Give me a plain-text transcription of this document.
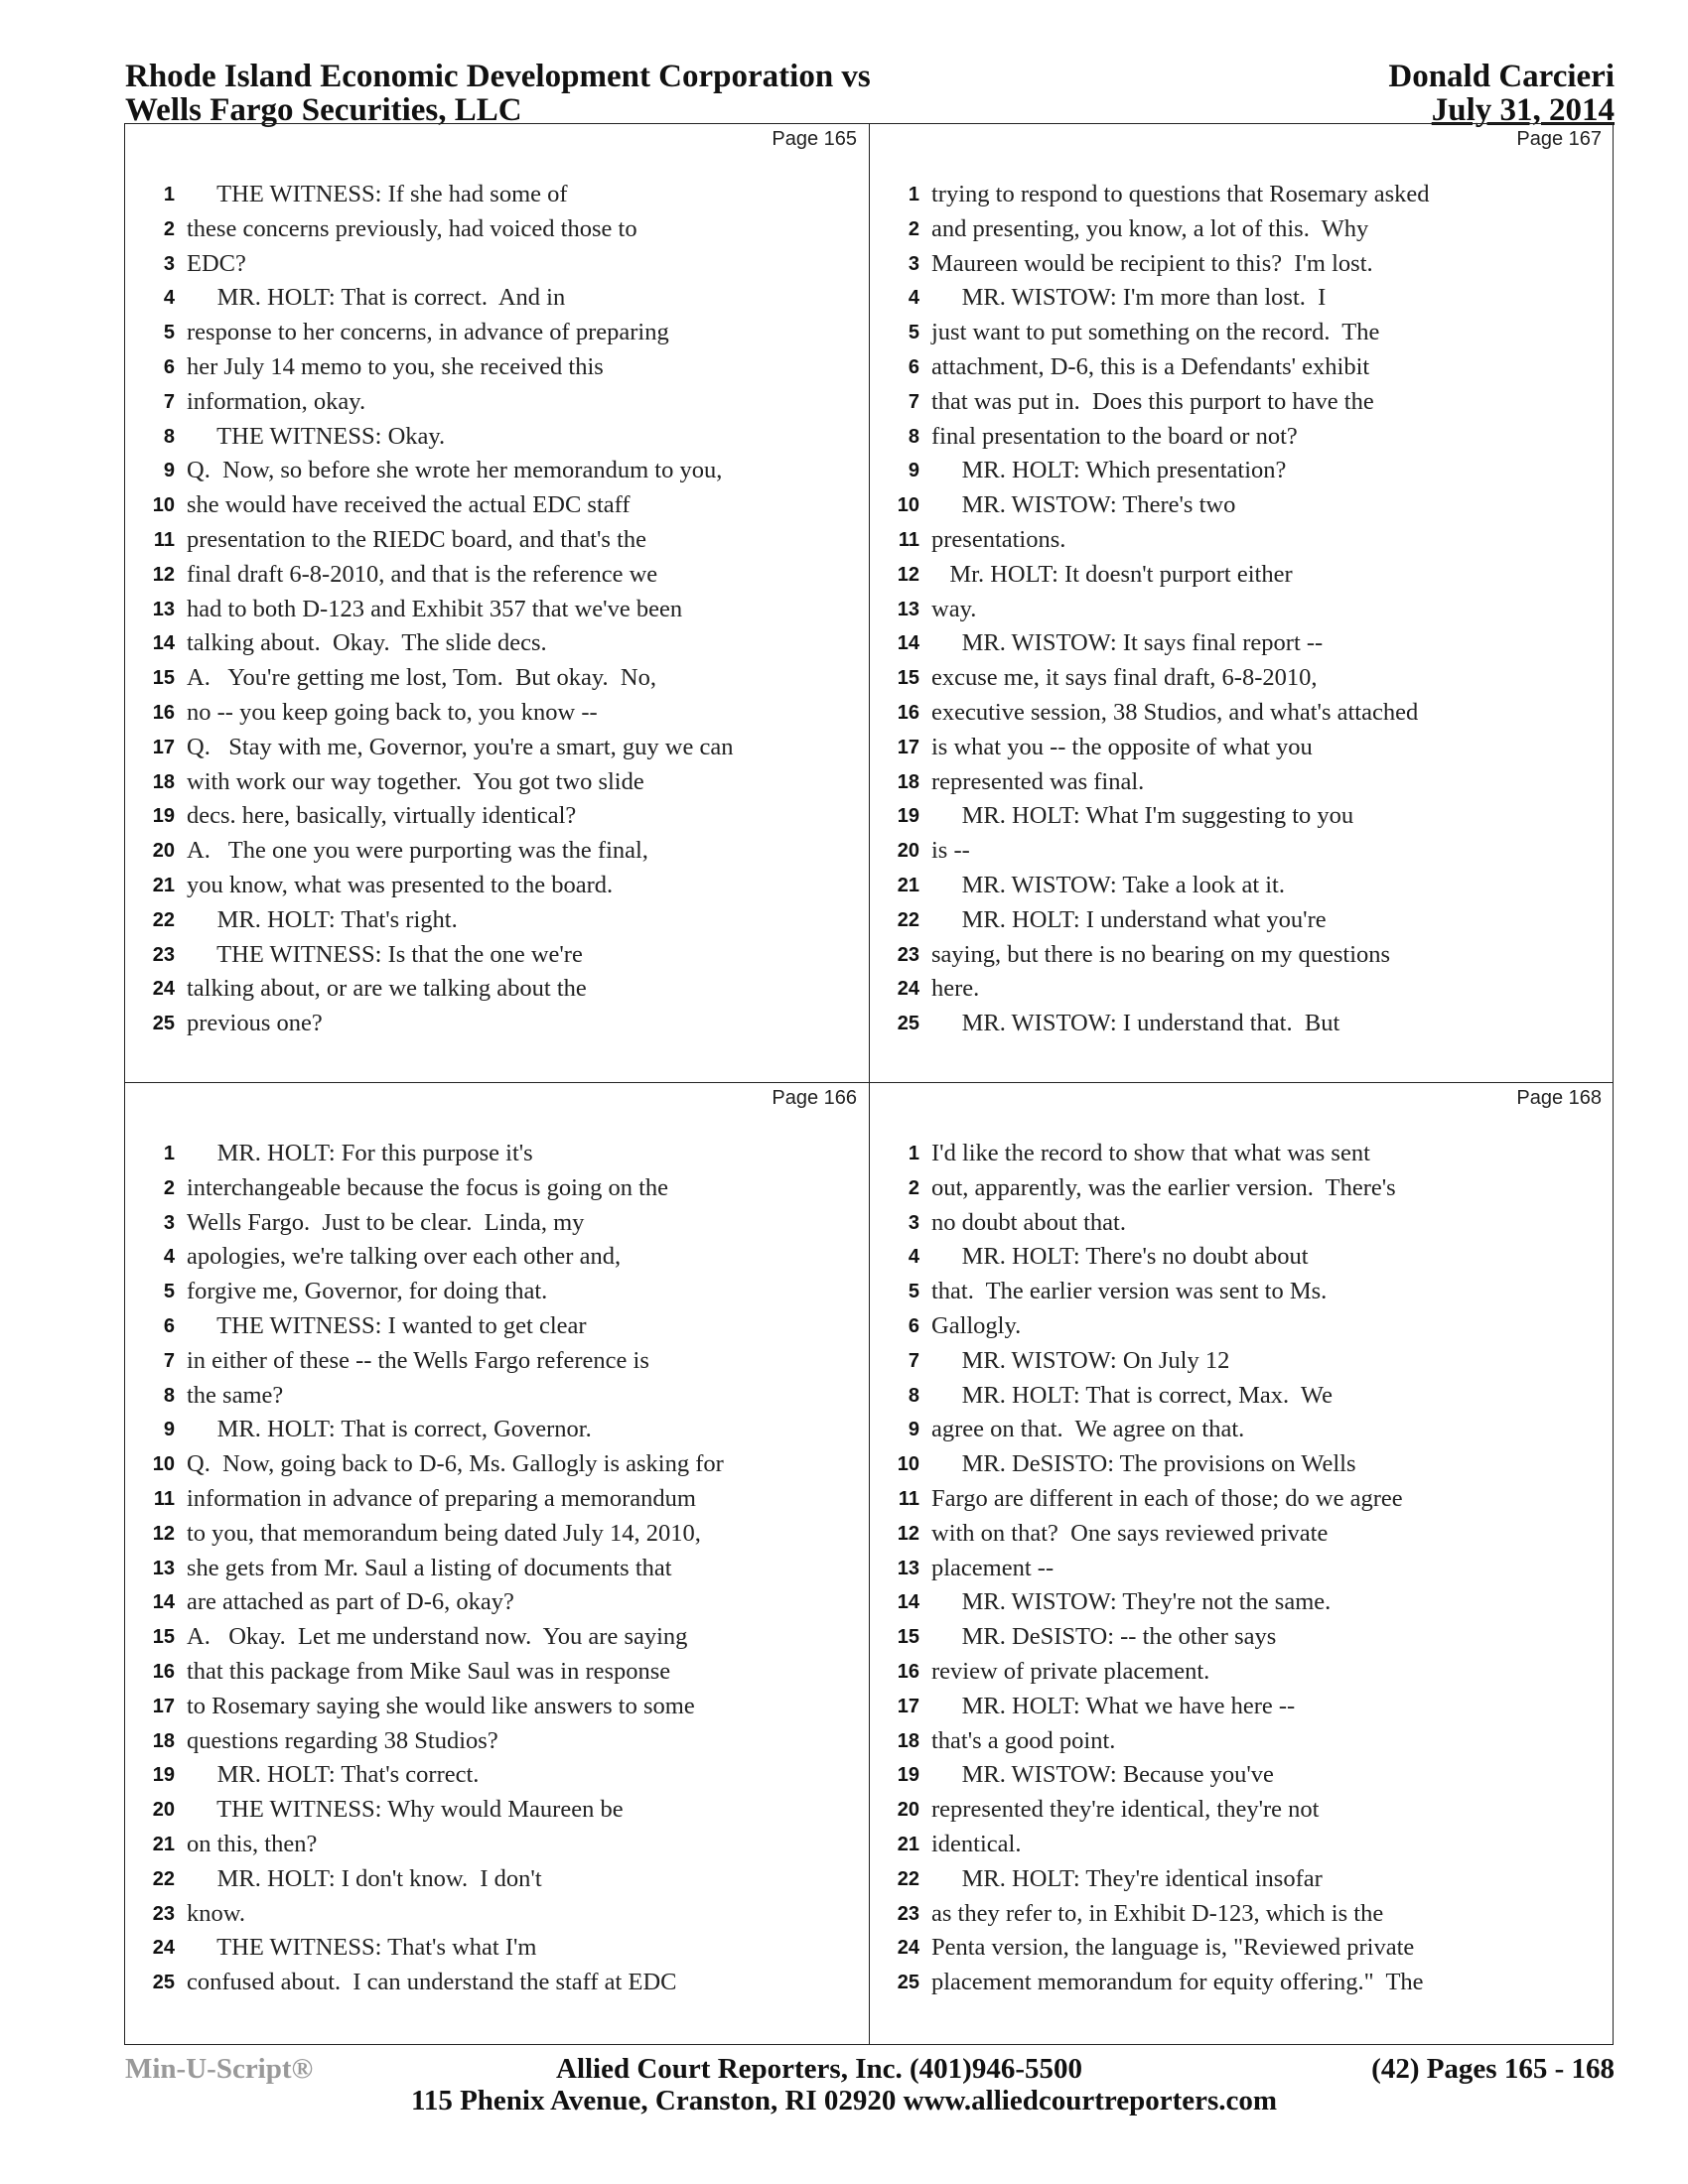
Rhode Island Economic Development Corporation vs
Wells Fargo Securities, LLC
Donald Carcieri
July 31, 2014
Page 165
1 THE WITNESS: If she had some of
2 these concerns previously, had voiced those to
3 EDC?
4 MR. HOLT: That is correct.  And in
5 response to her concerns, in advance of preparing
6 her July 14 memo to you, she received this
7 information, okay.
8 THE WITNESS: Okay.
9 Q.  Now, so before she wrote her memorandum to you,
10 she would have received the actual EDC staff
11 presentation to the RIEDC board, and that's the
12 final draft 6-8-2010, and that is the reference we
13 had to both D-123 and Exhibit 357 that we've been
14 talking about.  Okay.  The slide decs.
15 A.   You're getting me lost, Tom.  But okay.  No,
16 no -- you keep going back to, you know --
17 Q.   Stay with me, Governor, you're a smart, guy we can
18 with work our way together.  You got two slide
19 decs. here, basically, virtually identical?
20 A.   The one you were purporting was the final,
21 you know, what was presented to the board.
22 MR. HOLT: That's right.
23 THE WITNESS: Is that the one we're
24 talking about, or are we talking about the
25 previous one?
Page 167
1 trying to respond to questions that Rosemary asked
2 and presenting, you know, a lot of this.  Why
3 Maureen would be recipient to this?  I'm lost.
4 MR. WISTOW: I'm more than lost.  I
5 just want to put something on the record.  The
6 attachment, D-6, this is a Defendants' exhibit
7 that was put in.  Does this purport to have the
8 final presentation to the board or not?
9 MR. HOLT: Which presentation?
10 MR. WISTOW: There's two
11 presentations.
12 Mr. HOLT: It doesn't purport either
13 way.
14 MR. WISTOW: It says final report --
15 excuse me, it says final draft, 6-8-2010,
16 executive session, 38 Studios, and what's attached
17 is what you -- the opposite of what you
18 represented was final.
19 MR. HOLT: What I'm suggesting to you
20 is --
21 MR. WISTOW: Take a look at it.
22 MR. HOLT: I understand what you're
23 saying, but there is no bearing on my questions
24 here.
25 MR. WISTOW: I understand that.  But
Page 166
1 MR. HOLT: For this purpose it's
2 interchangeable because the focus is going on the
3 Wells Fargo.  Just to be clear.  Linda, my
4 apologies, we're talking over each other and,
5 forgive me, Governor, for doing that.
6 THE WITNESS: I wanted to get clear
7 in either of these -- the Wells Fargo reference is
8 the same?
9 MR. HOLT: That is correct, Governor.
10 Q.  Now, going back to D-6, Ms. Gallogly is asking for
11 information in advance of preparing a memorandum
12 to you, that memorandum being dated July 14, 2010,
13 she gets from Mr. Saul a listing of documents that
14 are attached as part of D-6, okay?
15 A.   Okay.  Let me understand now.  You are saying
16 that this package from Mike Saul was in response
17 to Rosemary saying she would like answers to some
18 questions regarding 38 Studios?
19 MR. HOLT: That's correct.
20 THE WITNESS: Why would Maureen be
21 on this, then?
22 MR. HOLT: I don't know.  I don't
23 know.
24 THE WITNESS: That's what I'm
25 confused about.  I can understand the staff at EDC
Page 168
1 I'd like the record to show that what was sent
2 out, apparently, was the earlier version.  There's
3 no doubt about that.
4 MR. HOLT: There's no doubt about
5 that.  The earlier version was sent to Ms.
6 Gallogly.
7 MR. WISTOW: On July 12
8 MR. HOLT: That is correct, Max.  We
9 agree on that.  We agree on that.
10 MR. DeSISTO: The provisions on Wells
11 Fargo are different in each of those; do we agree
12 with on that?  One says reviewed private
13 placement --
14 MR. WISTOW: They're not the same.
15 MR. DeSISTO: -- the other says
16 review of private placement.
17 MR. HOLT: What we have here --
18 that's a good point.
19 MR. WISTOW: Because you've
20 represented they're identical, they're not
21 identical.
22 MR. HOLT: They're identical insofar
23 as they refer to, in Exhibit D-123, which is the
24 Penta version, the language is, "Reviewed private
25 placement memorandum for equity offering."  The
Min-U-Script®	Allied Court Reporters, Inc. (401)946-5500	(42) Pages 165 - 168
115 Phenix Avenue, Cranston, RI 02920 www.alliedcourtreporters.com
